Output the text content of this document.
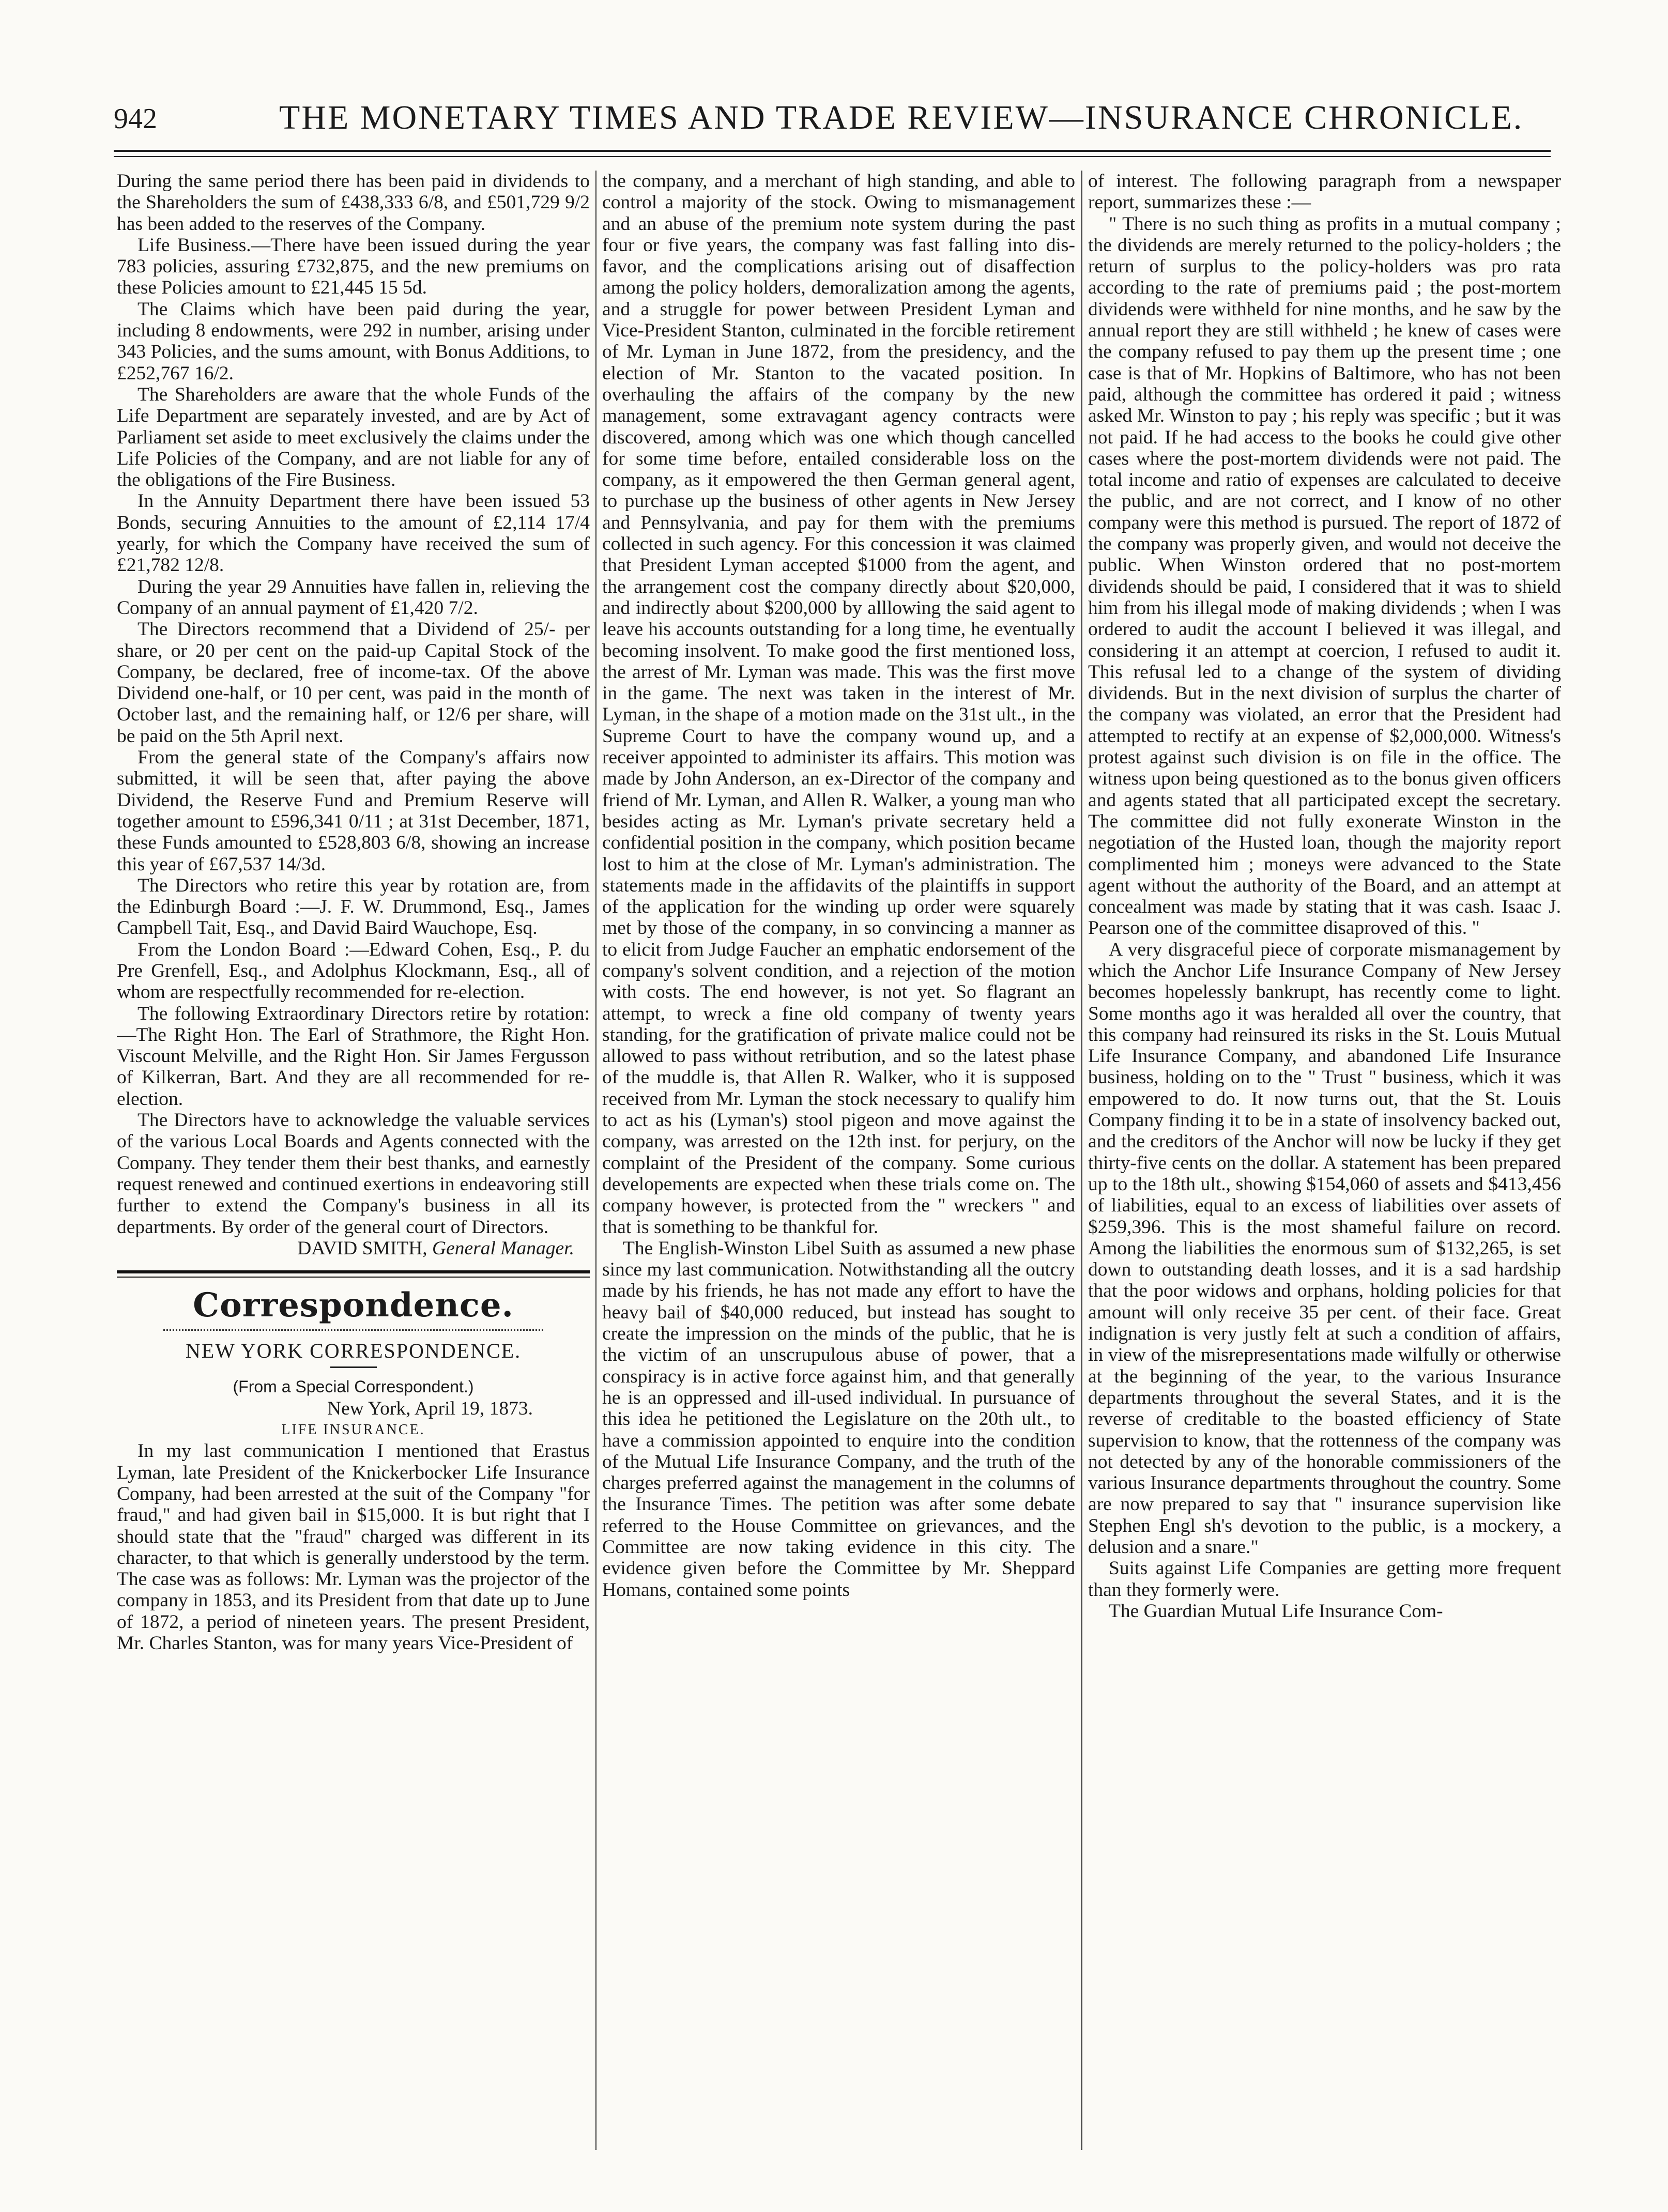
942	THE MONETARY TIMES AND TRADE REVIEW—INSURANCE CHRONICLE.

During the same period there has been paid in dividends to the Shareholders the sum of £438,333 6/8, and £501,729 9/2 has been added to the reserves of the Company.

Life Business.—There have been issued during the year 783 policies, assuring £732,875, and the new premiums on these Policies amount to £21,445 15 5d.

The Claims which have been paid during the year, including 8 endowments, were 292 in number, arising under 343 Policies, and the sums amount, with Bonus Additions, to £252,767 16/2.

The Shareholders are aware that the whole Funds of the Life Department are separately invested, and are by Act of Parliament set aside to meet exclusively the claims under the Life Policies of the Company, and are not liable for any of the obligations of the Fire Business.

In the Annuity Department there have been issued 53 Bonds, securing Annuities to the amount of £2,114 17/4 yearly, for which the Company have received the sum of £21,782 12/8.

During the year 29 Annuities have fallen in, relieving the Company of an annual payment of £1,420 7/2.

The Directors recommend that a Dividend of 25/- per share, or 20 per cent on the paid-up Capital Stock of the Company, be declared, free of income-tax. Of the above Dividend one-half, or 10 per cent, was paid in the month of October last, and the remaining half, or 12/6 per share, will be paid on the 5th April next.

From the general state of the Company's affairs now submitted, it will be seen that, after paying the above Dividend, the Reserve Fund and Premium Reserve will together amount to £596,341 0/11 ; at 31st December, 1871, these Funds amounted to £528,803 6/8, showing an increase this year of £67,537 14/3d.

The Directors who retire this year by rotation are, from the Edinburgh Board :—J. F. W. Drummond, Esq., James Campbell Tait, Esq., and David Baird Wauchope, Esq.

From the London Board :—Edward Cohen, Esq., P. du Pre Grenfell, Esq., and Adolphus Klockmann, Esq., all of whom are respectfully recommended for re-election.

The following Extraordinary Directors retire by rotation:—The Right Hon. The Earl of Strathmore, the Right Hon. Viscount Melville, and the Right Hon. Sir James Fergusson of Kilkerran, Bart. And they are all recommended for re-election.

The Directors have to acknowledge the valuable services of the various Local Boards and Agents connected with the Company. They tender them their best thanks, and earnestly request renewed and continued exertions in endeavoring still further to extend the Company's business in all its departments. By order of the general court of Directors.

DAVID SMITH, General Manager.

Correspondence.

NEW YORK CORRESPONDENCE.

(From a Special Correspondent.)

New York, April 19, 1873.

LIFE INSURANCE.

In my last communication I mentioned that Erastus Lyman, late President of the Knickerbocker Life Insurance Company, had been arrested at the suit of the Company "for fraud," and had given bail in $15,000. It is but right that I should state that the "fraud" charged was different in its character, to that which is generally understood by the term. The case was as follows: Mr. Lyman was the projector of the company in 1853, and its President from that date up to June of 1872, a period of nineteen years. The present President, Mr. Charles Stanton, was for many years Vice-President of

the company, and a merchant of high standing, and able to control a majority of the stock. Owing to mismanagement and an abuse of the premium note system during the past four or five years, the company was fast falling into dis-favor, and the complications arising out of disaffection among the policy holders, demoralization among the agents, and a struggle for power between President Lyman and Vice-President Stanton, culminated in the forcible retirement of Mr. Lyman in June 1872, from the presidency, and the election of Mr. Stanton to the vacated position. In overhauling the affairs of the company by the new management, some extravagant agency contracts were discovered, among which was one which though cancelled for some time before, entailed considerable loss on the company, as it empowered the then German general agent, to purchase up the business of other agents in New Jersey and Pennsylvania, and pay for them with the premiums collected in such agency. For this concession it was claimed that President Lyman accepted $1000 from the agent, and the arrangement cost the company directly about $20,000, and indirectly about $200,000 by alllowing the said agent to leave his accounts outstanding for a long time, he eventually becoming insolvent. To make good the first mentioned loss, the arrest of Mr. Lyman was made. This was the first move in the game. The next was taken in the interest of Mr. Lyman, in the shape of a motion made on the 31st ult., in the Supreme Court to have the company wound up, and a receiver appointed to administer its affairs. This motion was made by John Anderson, an ex-Director of the company and friend of Mr. Lyman, and Allen R. Walker, a young man who besides acting as Mr. Lyman's private secretary held a confidential position in the company, which position became lost to him at the close of Mr. Lyman's administration. The statements made in the affidavits of the plaintiffs in support of the application for the winding up order were squarely met by those of the company, in so convincing a manner as to elicit from Judge Faucher an emphatic endorsement of the company's solvent condition, and a rejection of the motion with costs. The end however, is not yet. So flagrant an attempt, to wreck a fine old company of twenty years standing, for the gratification of private malice could not be allowed to pass without retribution, and so the latest phase of the muddle is, that Allen R. Walker, who it is supposed received from Mr. Lyman the stock necessary to qualify him to act as his (Lyman's) stool pigeon and move against the company, was arrested on the 12th inst. for perjury, on the complaint of the President of the company. Some curious developements are expected when these trials come on. The company however, is protected from the " wreckers " and that is something to be thankful for.

The English-Winston Libel Suith as assumed a new phase since my last communication. Notwithstanding all the outcry made by his friends, he has not made any effort to have the heavy bail of $40,000 reduced, but instead has sought to create the impression on the minds of the public, that he is the victim of an unscrupulous abuse of power, that a conspiracy is in active force against him, and that generally he is an oppressed and ill-used individual. In pursuance of this idea he petitioned the Legislature on the 20th ult., to have a commission appointed to enquire into the condition of the Mutual Life Insurance Company, and the truth of the charges preferred against the management in the columns of the Insurance Times. The petition was after some debate referred to the House Committee on grievances, and the Committee are now taking evidence in this city. The evidence given before the Committee by Mr. Sheppard Homans, contained some points

of interest. The following paragraph from a newspaper report, summarizes these :—

" There is no such thing as profits in a mutual company ; the dividends are merely returned to the policy-holders ; the return of surplus to the policy-holders was pro rata according to the rate of premiums paid ; the post-mortem dividends were withheld for nine months, and he saw by the annual report they are still withheld ; he knew of cases were the company refused to pay them up the present time ; one case is that of Mr. Hopkins of Baltimore, who has not been paid, although the committee has ordered it paid ; witness asked Mr. Winston to pay ; his reply was specific ; but it was not paid. If he had access to the books he could give other cases where the post-mortem dividends were not paid. The total income and ratio of expenses are calculated to deceive the public, and are not correct, and I know of no other company were this method is pursued. The report of 1872 of the company was properly given, and would not deceive the public. When Winston ordered that no post-mortem dividends should be paid, I considered that it was to shield him from his illegal mode of making dividends ; when I was ordered to audit the account I believed it was illegal, and considering it an attempt at coercion, I refused to audit it. This refusal led to a change of the system of dividing dividends. But in the next division of surplus the charter of the company was violated, an error that the President had attempted to rectify at an expense of $2,000,000. Witness's protest against such division is on file in the office. The witness upon being questioned as to the bonus given officers and agents stated that all participated except the secretary. The committee did not fully exonerate Winston in the negotiation of the Husted loan, though the majority report complimented him ; moneys were advanced to the State agent without the authority of the Board, and an attempt at concealment was made by stating that it was cash. Isaac J. Pearson one of the committee disaproved of this. "

A very disgraceful piece of corporate mismanagement by which the Anchor Life Insurance Company of New Jersey becomes hopelessly bankrupt, has recently come to light. Some months ago it was heralded all over the country, that this company had reinsured its risks in the St. Louis Mutual Life Insurance Company, and abandoned Life Insurance business, holding on to the " Trust " business, which it was empowered to do. It now turns out, that the St. Louis Company finding it to be in a state of insolvency backed out, and the creditors of the Anchor will now be lucky if they get thirty-five cents on the dollar. A statement has been prepared up to the 18th ult., showing $154,060 of assets and $413,456 of liabilities, equal to an excess of liabilities over assets of $259,396. This is the most shameful failure on record. Among the liabilities the enormous sum of $132,265, is set down to outstanding death losses, and it is a sad hardship that the poor widows and orphans, holding policies for that amount will only receive 35 per cent. of their face. Great indignation is very justly felt at such a condition of affairs, in view of the misrepresentations made wilfully or otherwise at the beginning of the year, to the various Insurance departments throughout the several States, and it is the reverse of creditable to the boasted efficiency of State supervision to know, that the rottenness of the company was not detected by any of the honorable commissioners of the various Insurance departments throughout the country. Some are now prepared to say that " insurance supervision like Stephen Engl sh's devotion to the public, is a mockery, a delusion and a snare."

Suits against Life Companies are getting more frequent than they formerly were.

The Guardian Mutual Life Insurance Com-
